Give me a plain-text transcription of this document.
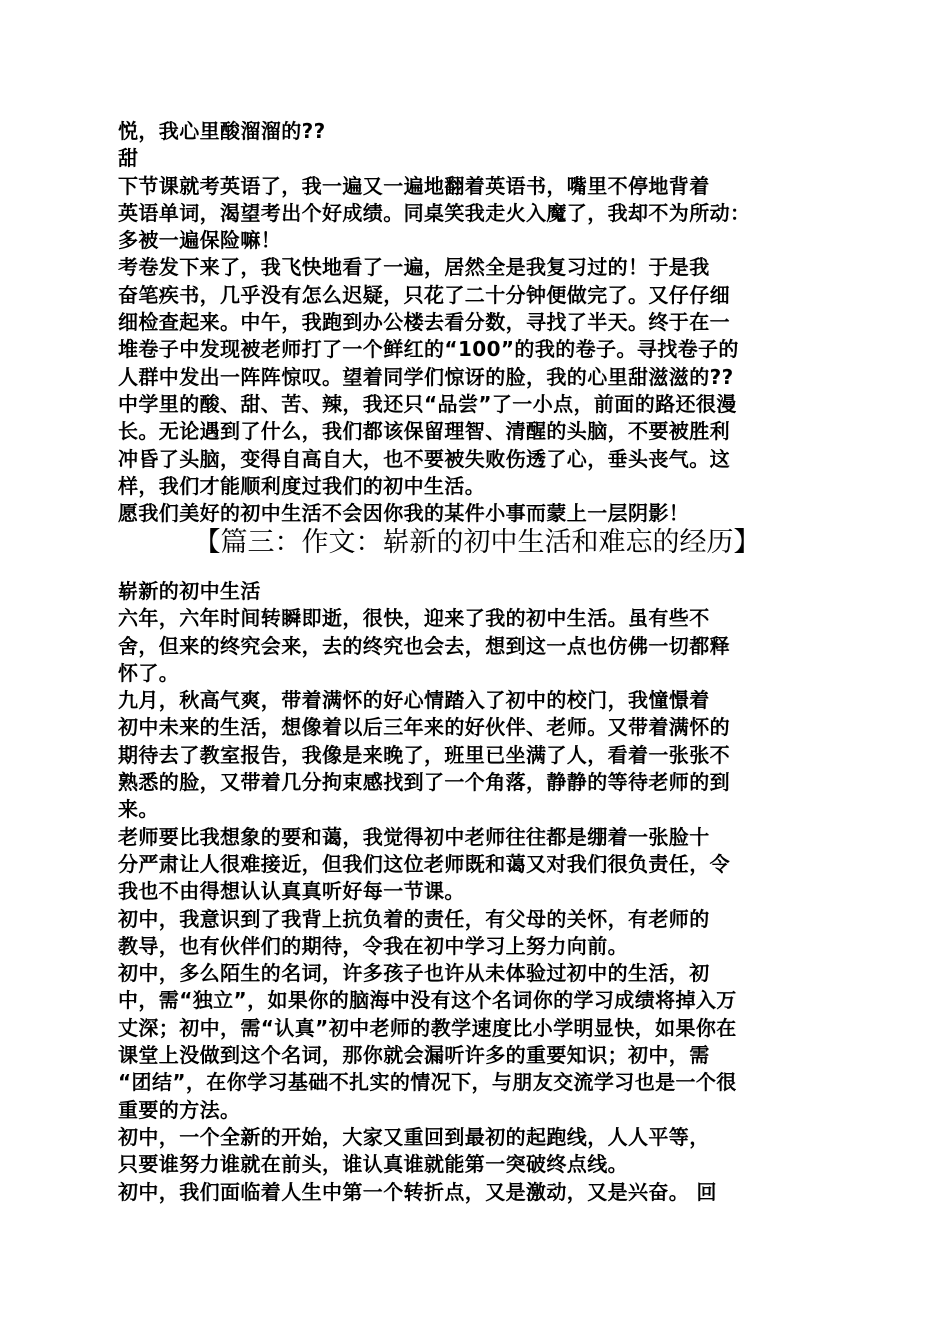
悦，我心里酸溜溜的??
甜
下节课就考英语了，我一遍又一遍地翻着英语书，嘴里不停地背着
英语单词，渴望考出个好成绩。同桌笑我走火入魔了，我却不为所动：
多被一遍保险嘛！
考卷发下来了，我飞快地看了一遍，居然全是我复习过的！于是我
奋笔疾书，几乎没有怎么迟疑，只花了二十分钟便做完了。又仔仔细
细检查起来。中午，我跑到办公楼去看分数，寻找了半天。终于在一
堆卷子中发现被老师打了一个鲜红的“100”的我的卷子。寻找卷子的
人群中发出一阵阵惊叹。望着同学们惊讶的脸，我的心里甜滋滋的??
中学里的酸、甜、苦、辣，我还只“品尝”了一小点，前面的路还很漫
长。无论遇到了什么，我们都该保留理智、清醒的头脑，不要被胜利
冲昏了头脑，变得自高自大，也不要被失败伤透了心，垂头丧气。这
样，我们才能顺利度过我们的初中生活。
愿我们美好的初中生活不会因你我的某件小事而蒙上一层阴影！
【篇三：作文：崭新的初中生活和难忘的经历】
崭新的初中生活
六年，六年时间转瞬即逝，很快，迎来了我的初中生活。虽有些不
舍，但来的终究会来，去的终究也会去，想到这一点也仿佛一切都释
怀了。
九月，秋高气爽，带着满怀的好心情踏入了初中的校门，我憧憬着
初中未来的生活，想像着以后三年来的好伙伴、老师。又带着满怀的
期待去了教室报告，我像是来晚了，班里已坐满了人，看着一张张不
熟悉的脸，又带着几分拘束感找到了一个角落，静静的等待老师的到
来。
老师要比我想象的要和蔼，我觉得初中老师往往都是绷着一张脸十
分严肃让人很难接近，但我们这位老师既和蔼又对我们很负责任，令
我也不由得想认认真真听好每一节课。
初中，我意识到了我背上抗负着的责任，有父母的关怀，有老师的
教导，也有伙伴们的期待，令我在初中学习上努力向前。
初中，多么陌生的名词，许多孩子也许从未体验过初中的生活，初
中，需“独立”，如果你的脑海中没有这个名词你的学习成绩将掉入万
丈深；初中，需“认真”初中老师的教学速度比小学明显快，如果你在
课堂上没做到这个名词，那你就会漏听许多的重要知识；初中，需
“团结”，在你学习基础不扎实的情况下，与朋友交流学习也是一个很
重要的方法。
初中，一个全新的开始，大家又重回到最初的起跑线，人人平等，
只要谁努力谁就在前头，谁认真谁就能第一突破终点线。
初中，我们面临着人生中第一个转折点，又是激动，又是兴奋。 回
